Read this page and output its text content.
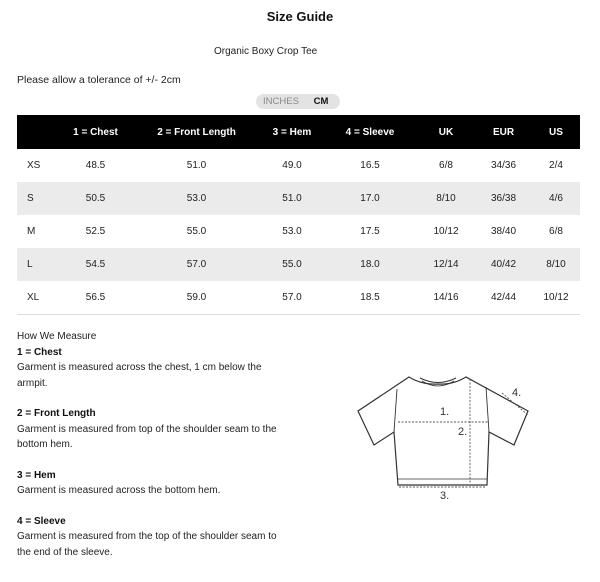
Size Guide
Organic Boxy Crop Tee
Please allow a tolerance of +/- 2cm
INCHES	CM
	1 = Chest	2 = Front Length	3 = Hem	4 = Sleeve	UK	EUR	US
XS	48.5	51.0	49.0	16.5	6/8	34/36	2/4
S	50.5	53.0	51.0	17.0	8/10	36/38	4/6
M	52.5	55.0	53.0	17.5	10/12	38/40	6/8
L	54.5	57.0	55.0	18.0	12/14	40/42	8/10
XL	56.5	59.0	57.0	18.5	14/16	42/44	10/12
How We Measure
1 = Chest
Garment is measured across the chest, 1 cm below the armpit.
2 = Front Length
Garment is measured from top of the shoulder seam to the bottom hem.
3 = Hem
Garment is measured across the bottom hem.
4 = Sleeve
Garment is measured from the top of the shoulder seam to the end of the sleeve.
1.
2.
3.
4.
